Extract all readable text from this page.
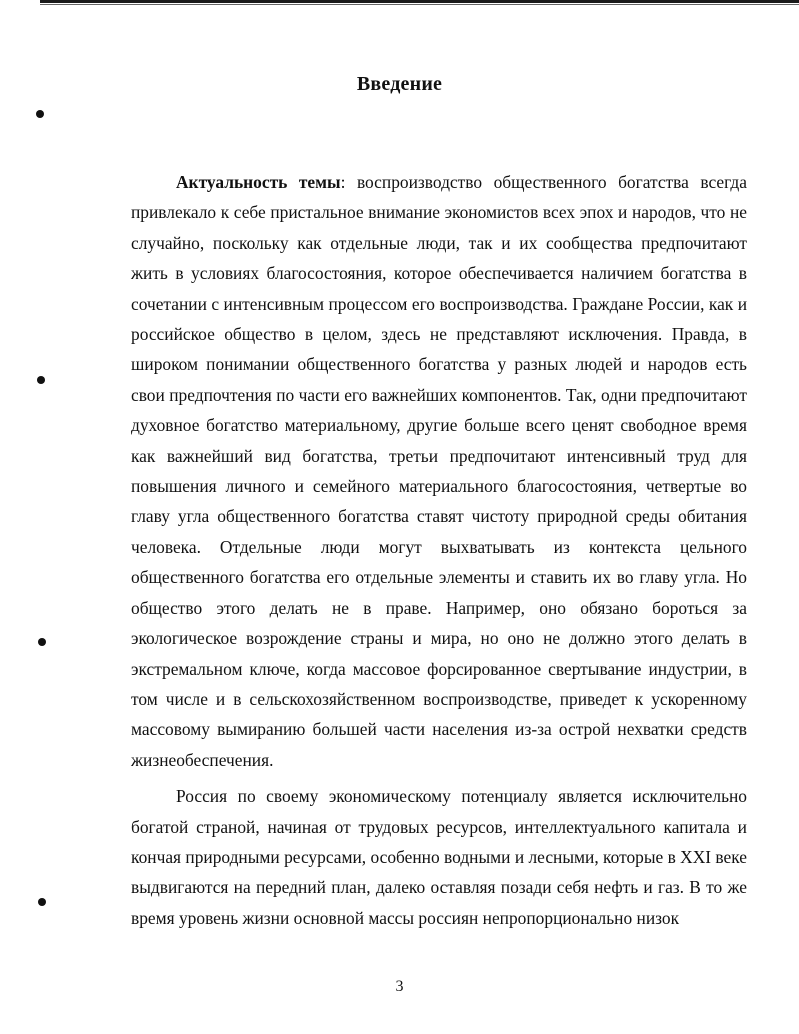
Введение

Актуальность темы: воспроизводство общественного богатства всегда привлекало к себе пристальное внимание экономистов всех эпох и народов, что не случайно, поскольку как отдельные люди, так и их сообщества предпочитают жить в условиях благосостояния, которое обеспечивается наличием богатства в сочетании с интенсивным процессом его воспроизводства. Граждане России, как и российское общество в целом, здесь не представляют исключения. Правда, в широком понимании общественного богатства у разных людей и народов есть свои предпочтения по части его важнейших компонентов. Так, одни предпочитают духовное богатство материальному, другие больше всего ценят свободное время как важнейший вид богатства, третьи предпочитают интенсивный труд для повышения личного и семейного материального благосостояния, четвертые во главу угла общественного богатства ставят чистоту природной среды обитания человека. Отдельные люди могут выхватывать из контекста цельного общественного богатства его отдельные элементы и ставить их во главу угла. Но общество этого делать не в праве. Например, оно обязано бороться за экологическое возрождение страны и мира, но оно не должно этого делать в экстремальном ключе, когда массовое форсированное свертывание индустрии, в том числе и в сельскохозяйственном воспроизводстве, приведет к ускоренному массовому вымиранию большей части населения из-за острой нехватки средств жизнеобеспечения.

Россия по своему экономическому потенциалу является исключительно богатой страной, начиная от трудовых ресурсов, интеллектуального капитала и кончая природными ресурсами, особенно водными и лесными, которые в XXI веке выдвигаются на передний план, далеко оставляя позади себя нефть и газ. В то же время уровень жизни основной массы россиян непропорционально низок

3
